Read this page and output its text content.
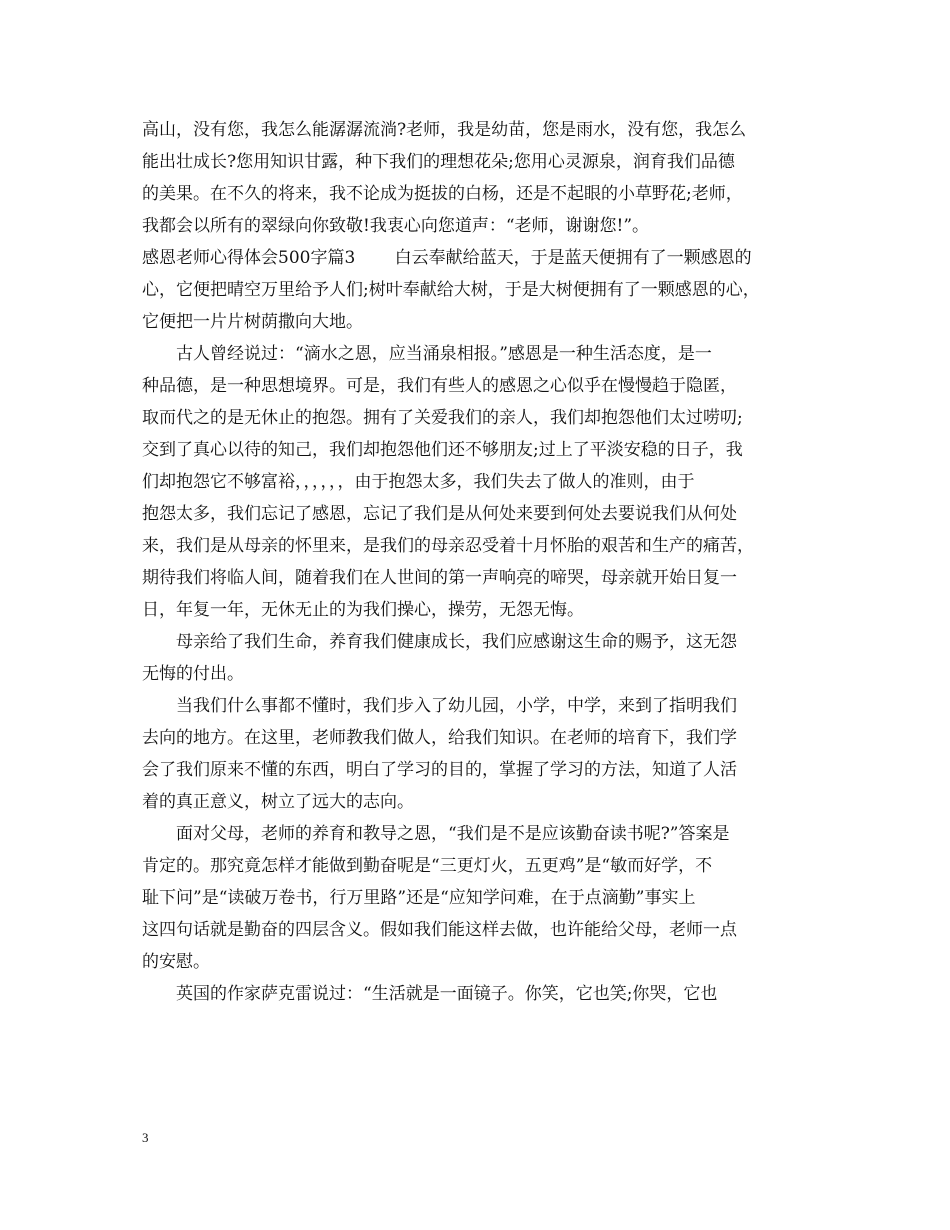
高山，没有您，我怎么能潺潺流淌?老师，我是幼苗，您是雨水，没有您，我怎么
能出壮成长?您用知识甘露，种下我们的理想花朵;您用心灵源泉，润育我们品德
的美果。在不久的将来，我不论成为挺拔的白杨，还是不起眼的小草野花;老师，
我都会以所有的翠绿向你致敬!我衷心向您道声：“老师，谢谢您!”。
感恩老师心得体会500字篇3　　 白云奉献给蓝天，于是蓝天便拥有了一颗感恩的
心，它便把晴空万里给予人们;树叶奉献给大树，于是大树便拥有了一颗感恩的心，
它便把一片片树荫撒向大地。
古人曾经说过：“滴水之恩，应当涌泉相报。”感恩是一种生活态度，是一
种品德，是一种思想境界。可是，我们有些人的感恩之心似乎在慢慢趋于隐匿，
取而代之的是无休止的抱怨。拥有了关爱我们的亲人，我们却抱怨他们太过唠叨;
交到了真心以待的知己，我们却抱怨他们还不够朋友;过上了平淡安稳的日子，我
们却抱怨它不够富裕，，，，，，由于抱怨太多，我们失去了做人的准则，由于
抱怨太多，我们忘记了感恩，忘记了我们是从何处来要到何处去要说我们从何处
来，我们是从母亲的怀里来，是我们的母亲忍受着十月怀胎的艰苦和生产的痛苦，
期待我们将临人间，随着我们在人世间的第一声响亮的啼哭，母亲就开始日复一
日，年复一年，无休无止的为我们操心，操劳，无怨无悔。
母亲给了我们生命，养育我们健康成长，我们应感谢这生命的赐予，这无怨
无悔的付出。
当我们什么事都不懂时，我们步入了幼儿园，小学，中学，来到了指明我们
去向的地方。在这里，老师教我们做人，给我们知识。在老师的培育下，我们学
会了我们原来不懂的东西，明白了学习的目的，掌握了学习的方法，知道了人活
着的真正意义，树立了远大的志向。
面对父母，老师的养育和教导之恩，“我们是不是应该勤奋读书呢?”答案是
肯定的。那究竟怎样才能做到勤奋呢是“三更灯火，五更鸡”是“敏而好学，不
耻下问”是“读破万卷书，行万里路”还是“应知学问难，在于点滴勤”事实上
这四句话就是勤奋的四层含义。假如我们能这样去做，也许能给父母，老师一点
的安慰。
英国的作家萨克雷说过：“生活就是一面镜子。你笑，它也笑;你哭，它也
3
